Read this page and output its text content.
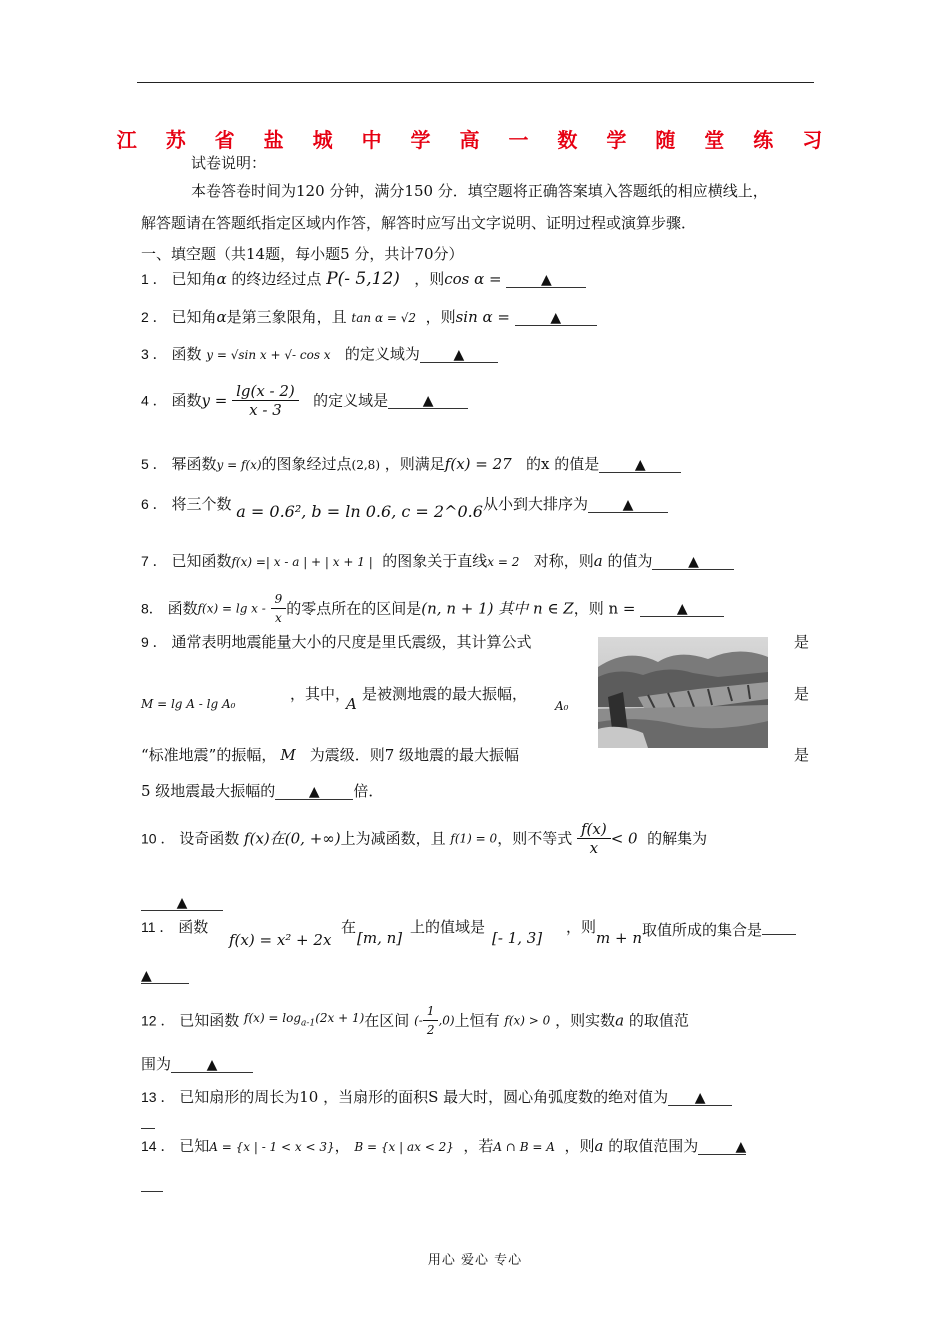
江 苏 省 盐 城 中 学 高 一 数 学 随 堂 练 习
试卷说明：
本卷答卷时间为120 分钟，满分150 分．填空题将正确答案填入答题纸的相应横线上，
解答题请在答题纸指定区域内作答，解答时应写出文字说明、证明过程或演算步骤．
一、填空题（共14题，每小题5 分，共计70分）
1 ． 已知角α 的终边经过点 P(- 5,12) ，则cos α =	▲
2 ． 已知角α是第三象限角，且 tan α = √2 ，则sin α =	▲
3 ． 函数 y = √sin x + √- cos x 的定义域为 ▲
4 ． 函数$y = \frac{\lg(x - 2)}{x - 3}$ 的定义域是 ▲
5 ． 幂函数y = f(x)的图象经过点(2,8) ，则满足f(x) = 27 的x 的值是	▲
6 ． 将三个数 a = 0.6², b = ln 0.6, c = 2^0.6从小到大排序为 ▲
7 ． 已知函数f(x) =| x - a | + | x + 1 | 的图象关于直线x = 2 对称，则a 的值为	▲
8． 函数$f(x) = \lg x - \frac{9}{x}$ 的零点所在的区间是(n, n + 1) 其中 n ∈ Z，则 n =	▲
9 ． 通常表明地震能量大小的尺度是里氏震级，其计算公式	是
M = lg A - lg A₀
，其中，
A
是被测地震的最大振幅，
A₀
是
“标准地震”的振幅， M 为震级．则7 级地震的最大振幅	是
5 级地震最大振幅的 ▲ 倍．
10 ． 设奇函数 f(x)在(0, +∞)上为减函数，且 f(1) = 0，则不等式 $\frac{f(x)}{x} < 0$ 的解集为
▲
11 ． 函数
f(x) = x² + 2x
在
[m, n]
上的值域是
[- 1, 3]
，则
m + n 取值所成的集合是
▲
12 ． 已知函数 $f(x) = \log_{a-1}(2x + 1)$在区间 (- $\frac{1}{2} ,0$)上恒有 f(x) > 0 ，则实数a 的取值范
围为	▲
13 ． 已知扇形的周长为10 ，当扇形的面积S 最大时，圆心角弧度数的绝对值为 ▲
14 ． 已知A = {x | - 1 < x < 3}， B = {x | ax < 2} ，若A ∩ B = A ，则a 的取值范围为	▲
用心 爱心 专心
